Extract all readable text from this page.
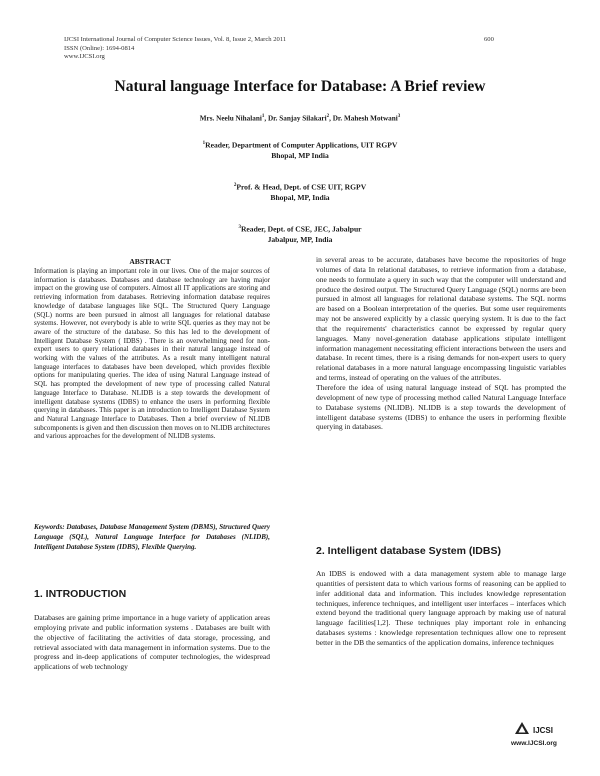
IJCSI International Journal of Computer Science Issues, Vol. 8, Issue 2, March 2011
ISSN (Online): 1694-0814
www.IJCSI.org
600
Natural language Interface for Database: A Brief review
Mrs. Neelu Nihalani$^1$, Dr. Sanjay Silakari$^2$, Dr. Mahesh Motwani$^3$
$^1$Reader, Department of Computer Applications, UIT RGPV
Bhopal, MP India
$^2$Prof. & Head, Dept. of CSE UIT, RGPV
Bhopal, MP, India
$^3$Reader, Dept. of CSE, JEC, Jabalpur
Jabalpur, MP, India
ABSTRACT

Information is playing an important role in our lives. One of the major sources of information is databases. Databases and database technology are having major impact on the growing use of computers. Almost all IT applications are storing and retrieving information from databases. Retrieving information database requires knowledge of database languages like SQL. The Structured Query Language (SQL) norms are been pursued in almost all languages for relational database systems. However, not everybody is able to write SQL queries as they may not be aware of the structure of the database. So this has led to the development of Intelligent Database System ( IDBS) . There is an overwhelming need for non-expert users to query relational databases in their natural language instead of working with the values of the attributes. As a result many intelligent natural language interfaces to databases have been developed, which provides flexible options for manipulating queries. The idea of using Natural Language instead of SQL has prompted the development of new type of processing called Natural language Interface to Database. NLIDB is a step towards the development of intelligent database systems (IDBS) to enhance the users in performing flexible querying in databases. This paper is an introduction to Intelligent Database System and Natural Language Interface to Databases. Then a brief overview of NLIDB subcomponents is given and then discussion then moves on to NLIDB architectures and various approaches for the development of NLIDB systems.

Keywords: Databases, Database Management System (DBMS), Structured Query Language (SQL), Natural Language Interface for Databases (NLIDB), Intelligent Database System (IDBS), Flexible Querying.

1. INTRODUCTION

Databases are gaining prime importance in a huge variety of application areas employing private and public information systems . Databases are built with the objective of facilitating the activities of data storage, processing, and retrieval associated with data management in information systems. Due to the progress and in-deep applications of computer technologies, the widespread applications of web technology

in several areas to be accurate, databases have become the repositories of huge volumes of data In relational databases, to retrieve information from a database, one needs to formulate a query in such way that the computer will understand and produce the desired output. The Structured Query Language (SQL) norms are been pursued in almost all languages for relational database systems. The SQL norms are based on a Boolean interpretation of the queries. But some user requirements may not be answered explicitly by a classic querying system. It is due to the fact that the requirements' characteristics cannot be expressed by regular query languages. Many novel-generation database applications stipulate intelligent information management necessitating efficient interactions between the users and database. In recent times, there is a rising demands for non-expert users to query relational databases in a more natural language encompassing linguistic variables and terms, instead of operating on the values of the attributes.

Therefore the idea of using natural language instead of SQL has prompted the development of new type of processing method called Natural Language Interface to Database systems (NLIDB). NLIDB is a step towards the development of intelligent database systems (IDBS) to enhance the users in performing flexible querying in databases.

2. Intelligent database System (IDBS)

An IDBS is endowed with a data management system able to manage large quantities of persistent data to which various forms of reasoning can be applied to infer additional data and information. This includes knowledge representation techniques, inference techniques, and intelligent user interfaces – interfaces which extend beyond the traditional query language approach by making use of natural language facilities[1,2]. These techniques play important role in enhancing databases systems : knowledge representation techniques allow one to represent better in the DB the semantics of the application domains, inference techniques

IJCSI
www.IJCSI.org
